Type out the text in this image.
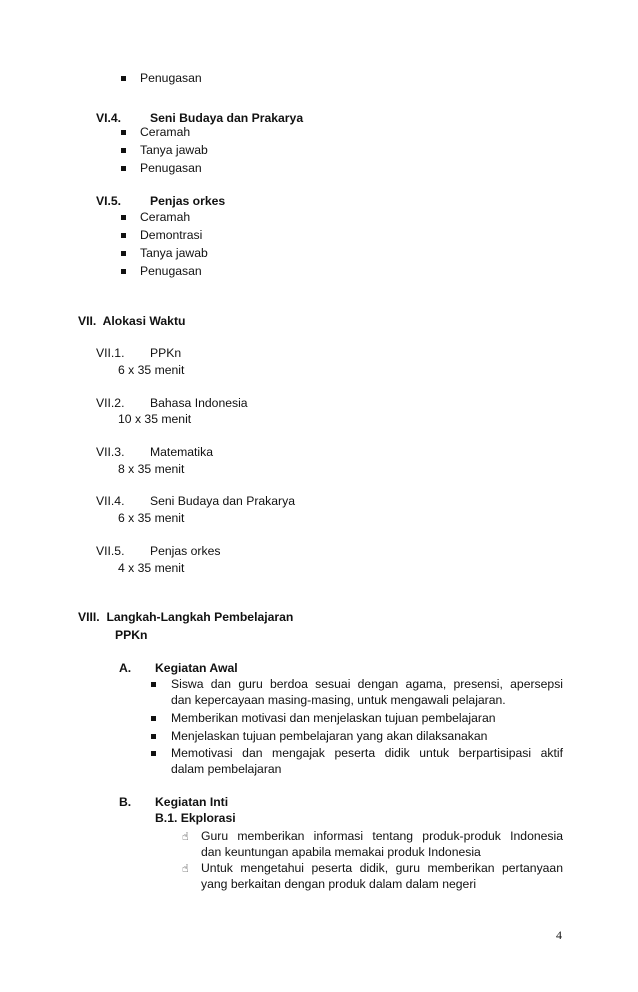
Penugasan
VI.4. Seni Budaya dan Prakarya
Ceramah
Tanya jawab
Penugasan
VI.5. Penjas orkes
Ceramah
Demontrasi
Tanya jawab
Penugasan
VII.  Alokasi Waktu
VII.1. PPKn
6 x 35 menit
VII.2. Bahasa Indonesia
10 x 35 menit
VII.3. Matematika
8 x 35 menit
VII.4. Seni Budaya dan Prakarya
6 x 35 menit
VII.5. Penjas orkes
4 x 35 menit
VIII.  Langkah-Langkah Pembelajaran
PPKn
A. Kegiatan Awal
Siswa dan guru berdoa sesuai dengan agama, presensi, apersepsi
dan kepercayaan masing-masing, untuk mengawali pelajaran.
Memberikan motivasi dan menjelaskan tujuan pembelajaran
Menjelaskan tujuan pembelajaran yang akan dilaksanakan
Memotivasi dan mengajak peserta didik untuk berpartisipasi aktif
dalam pembelajaran
B. Kegiatan Inti
B.1. Ekplorasi
☝ Guru memberikan informasi tentang produk-produk Indonesia
dan keuntungan apabila memakai produk Indonesia
☝ Untuk mengetahui peserta didik, guru memberikan pertanyaan
yang berkaitan dengan produk dalam dalam negeri
4
